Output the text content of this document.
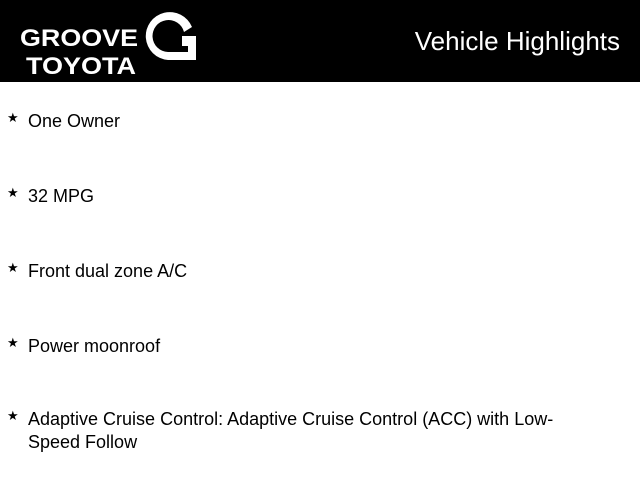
GROOVE
TOYOTA
Vehicle Highlights
★ One Owner
★ 32 MPG
★ Front dual zone A/C
★ Power moonroof
★ Adaptive Cruise Control: Adaptive Cruise Control (ACC) with Low-Speed Follow
